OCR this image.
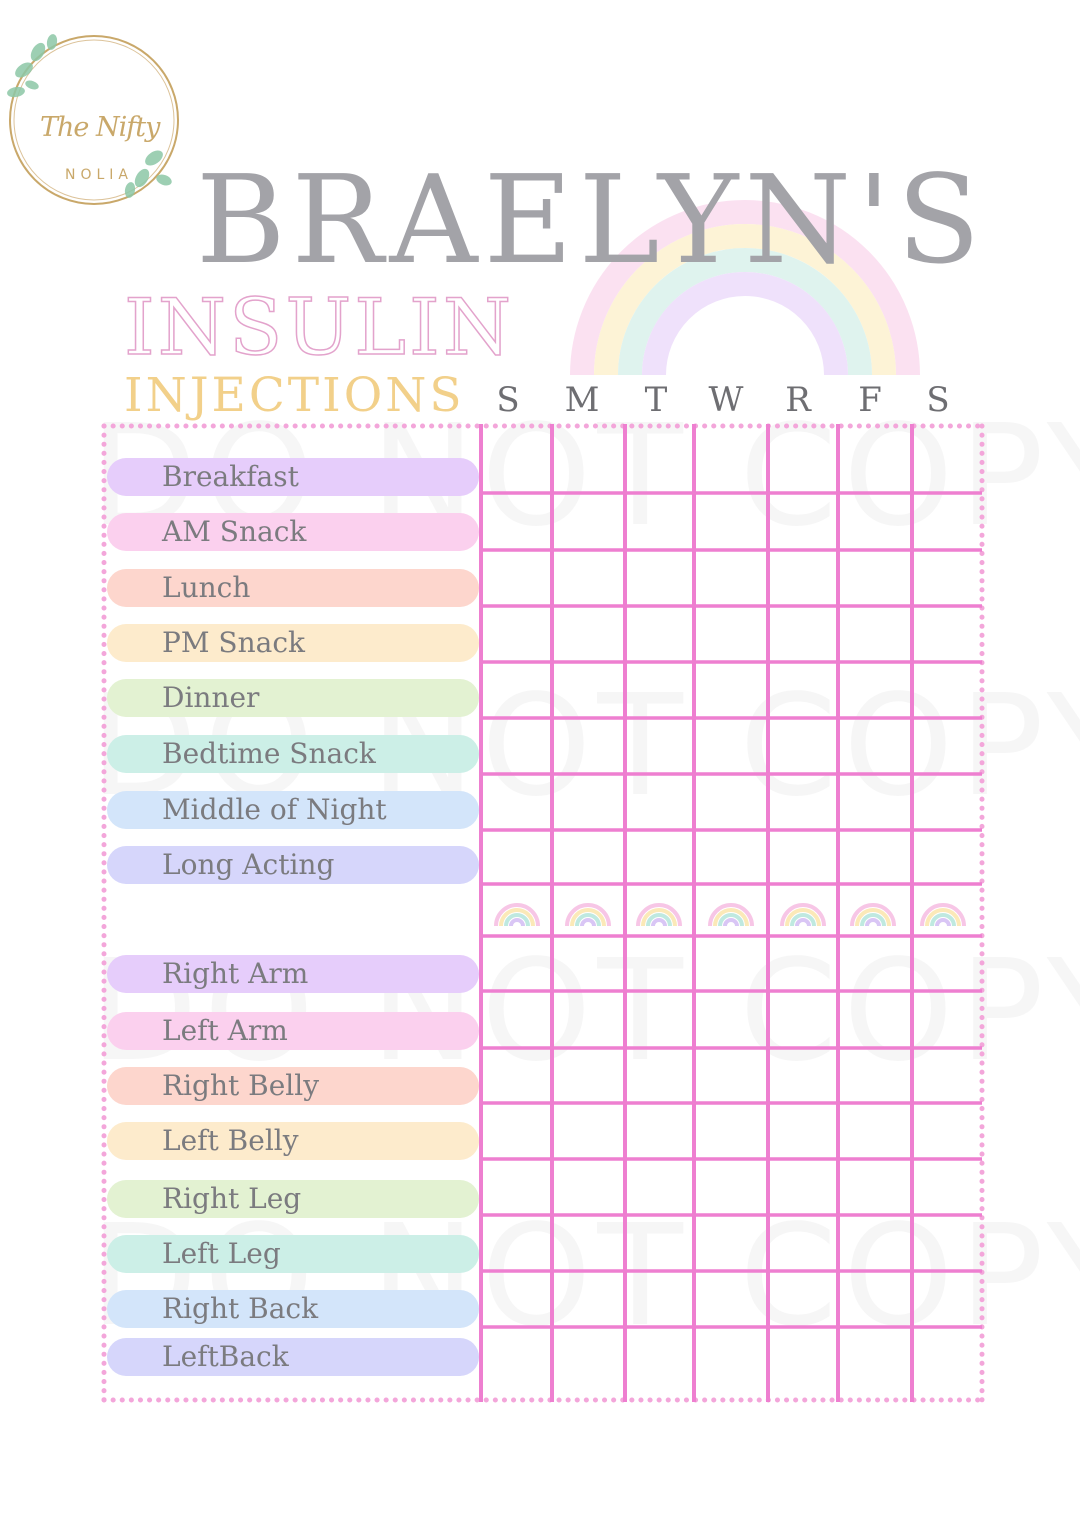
The Nifty
NOLIA BRAELYN'S
INSULIN
INJECTIONS S	M	T	W	R	F	S
Breakfast
AM Snack
Lunch
PM Snack
Dinner
Bedtime Snack
Middle of Night
Long Acting
Right Arm
Left Arm
Right Belly
Left Belly
Right Leg
Left Leg
Right Back
LeftBack
